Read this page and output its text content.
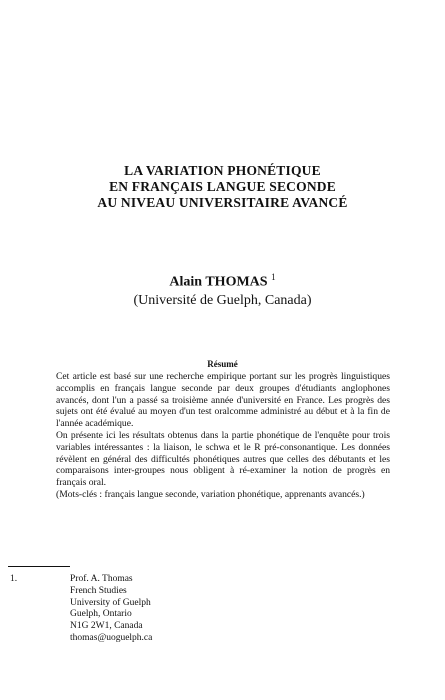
LA VARIATION PHONÉTIQUE
EN FRANÇAIS LANGUE SECONDE
AU NIVEAU UNIVERSITAIRE AVANCÉ
Alain THOMAS $^1$
(Université de Guelph, Canada)
Résumé

Cet article est basé sur une recherche empirique portant sur les progrès linguistiques accomplis en français langue seconde par deux groupes d'étudiants anglophones avancés, dont l'un a passé sa troisième année d'université en France. Les progrès des sujets ont été évalué au moyen d'un test oralcomme administré au début et à la fin de l'année académique.

On présente ici les résultats obtenus dans la partie phonétique de l'enquête pour trois variables intéressantes : la liaison, le schwa et le R pré-consonantique. Les données révèlent en général des difficultés phonétiques autres que celles des débutants et les comparaisons inter-groupes nous obligent à ré-examiner la notion de progrès en français oral.

(Mots-clés : français langue seconde, variation phonétique, apprenants avancés.)

1.	Prof. A. Thomas
French Studies
University of Guelph
Guelph, Ontario
N1G 2W1, Canada
thomas@uoguelph.ca
